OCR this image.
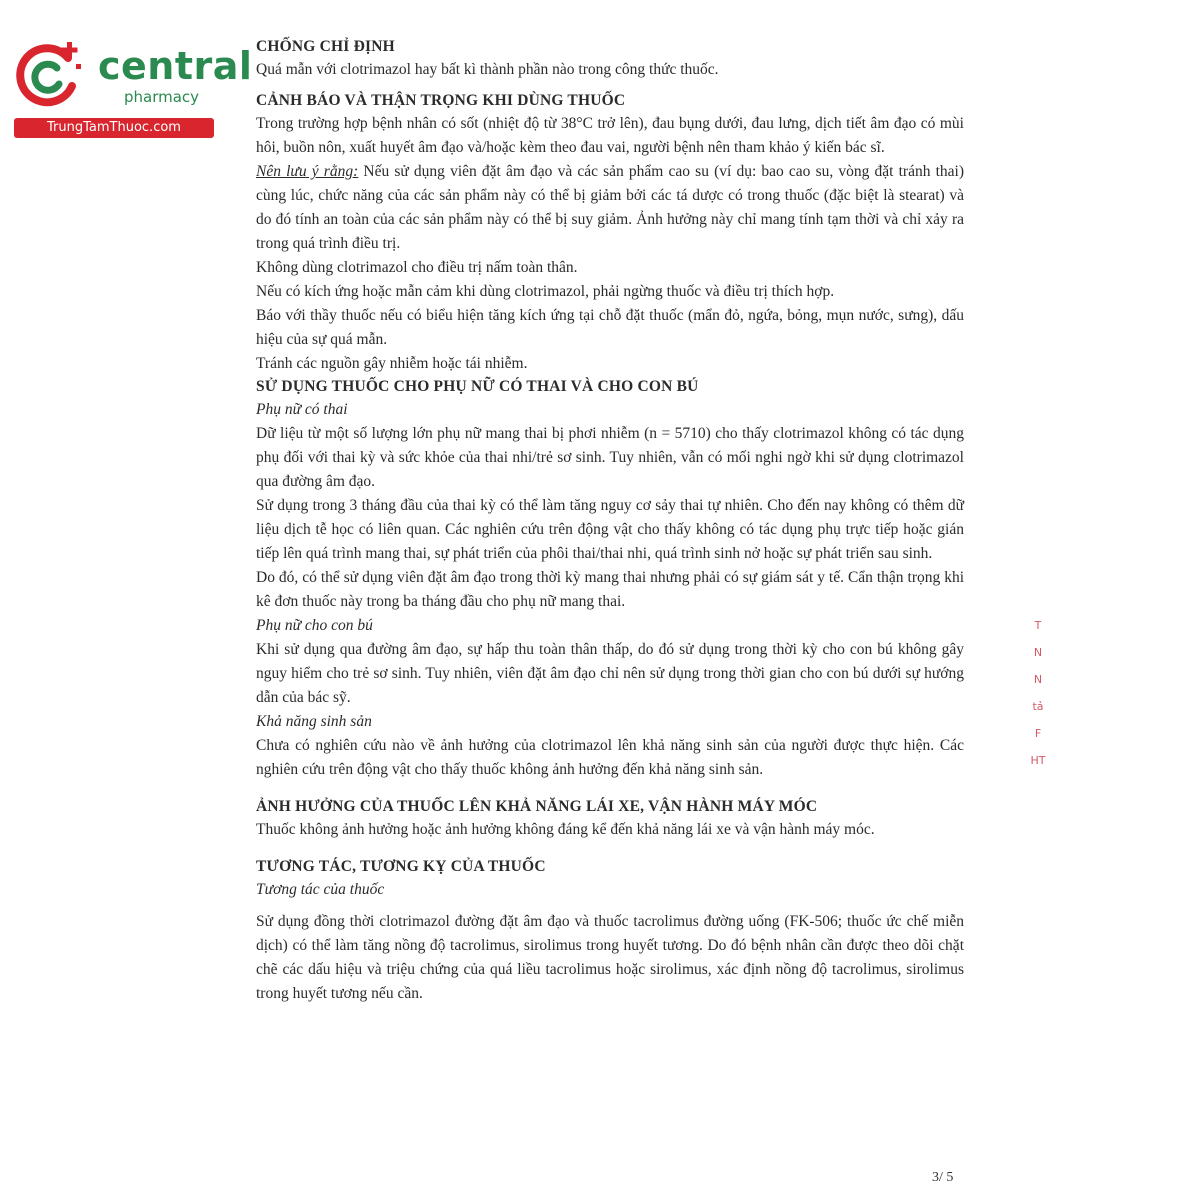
central
pharmacy
TrungTamThuoc.com
CHỐNG CHỈ ĐỊNH
Quá mẫn với clotrimazol hay bất kì thành phần nào trong công thức thuốc.
CẢNH BÁO VÀ THẬN TRỌNG KHI DÙNG THUỐC
Trong trường hợp bệnh nhân có sốt (nhiệt độ từ 38°C trở lên), đau bụng dưới, đau lưng, dịch tiết âm đạo có mùi hôi, buồn nôn, xuất huyết âm đạo và/hoặc kèm theo đau vai, người bệnh nên tham khảo ý kiến bác sĩ.
Nên lưu ý rằng: Nếu sử dụng viên đặt âm đạo và các sản phẩm cao su (ví dụ: bao cao su, vòng đặt tránh thai) cùng lúc, chức năng của các sản phẩm này có thể bị giảm bởi các tá dược có trong thuốc (đặc biệt là stearat) và do đó tính an toàn của các sản phẩm này có thể bị suy giảm. Ảnh hưởng này chỉ mang tính tạm thời và chỉ xảy ra trong quá trình điều trị.
Không dùng clotrimazol cho điều trị nấm toàn thân.
Nếu có kích ứng hoặc mẫn cảm khi dùng clotrimazol, phải ngừng thuốc và điều trị thích hợp.
Báo với thầy thuốc nếu có biểu hiện tăng kích ứng tại chỗ đặt thuốc (mẩn đỏ, ngứa, bỏng, mụn nước, sưng), dấu hiệu của sự quá mẫn.
Tránh các nguồn gây nhiễm hoặc tái nhiễm.
SỬ DỤNG THUỐC CHO PHỤ NỮ CÓ THAI VÀ CHO CON BÚ
Phụ nữ có thai
Dữ liệu từ một số lượng lớn phụ nữ mang thai bị phơi nhiễm (n = 5710) cho thấy clotrimazol không có tác dụng phụ đối với thai kỳ và sức khỏe của thai nhi/trẻ sơ sinh. Tuy nhiên, vẫn có mối nghi ngờ khi sử dụng clotrimazol qua đường âm đạo.
Sử dụng trong 3 tháng đầu của thai kỳ có thể làm tăng nguy cơ sảy thai tự nhiên. Cho đến nay không có thêm dữ liệu dịch tễ học có liên quan. Các nghiên cứu trên động vật cho thấy không có tác dụng phụ trực tiếp hoặc gián tiếp lên quá trình mang thai, sự phát triển của phôi thai/thai nhi, quá trình sinh nở hoặc sự phát triển sau sinh.
Do đó, có thể sử dụng viên đặt âm đạo trong thời kỳ mang thai nhưng phải có sự giám sát y tế. Cẩn thận trọng khi kê đơn thuốc này trong ba tháng đầu cho phụ nữ mang thai.
Phụ nữ cho con bú
Khi sử dụng qua đường âm đạo, sự hấp thu toàn thân thấp, do đó sử dụng trong thời kỳ cho con bú không gây nguy hiểm cho trẻ sơ sinh. Tuy nhiên, viên đặt âm đạo chỉ nên sử dụng trong thời gian cho con bú dưới sự hướng dẫn của bác sỹ.
Khả năng sinh sản
Chưa có nghiên cứu nào về ảnh hưởng của clotrimazol lên khả năng sinh sản của người được thực hiện. Các nghiên cứu trên động vật cho thấy thuốc không ảnh hưởng đến khả năng sinh sản.
ẢNH HƯỞNG CỦA THUỐC LÊN KHẢ NĂNG LÁI XE, VẬN HÀNH MÁY MÓC
Thuốc không ảnh hưởng hoặc ảnh hưởng không đáng kể đến khả năng lái xe và vận hành máy móc.
TƯƠNG TÁC, TƯƠNG KỴ CỦA THUỐC
Tương tác của thuốc
Sử dụng đồng thời clotrimazol đường đặt âm đạo và thuốc tacrolimus đường uống (FK-506; thuốc ức chế miễn dịch) có thể làm tăng nồng độ tacrolimus, sirolimus trong huyết tương. Do đó bệnh nhân cần được theo dõi chặt chẽ các dấu hiệu và triệu chứng của quá liều tacrolimus hoặc sirolimus, xác định nồng độ tacrolimus, sirolimus trong huyết tương nếu cần.
T
N
N
tả
F
HT
3/ 5
